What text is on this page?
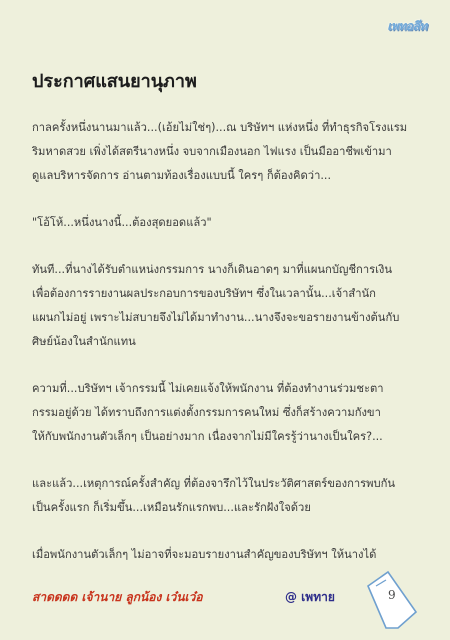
เพทอลีท
ประกาศแสนยานุภาพ

กาลครั้งหนึ่งนานมาแล้ว...(เอ้ยไม่ใช่ๆ)...ณ บริษัทฯ แห่งหนึ่ง ที่ทำธุรกิจโรงแรม
ริมหาดสวย เพิ่งได้สตรีนางหนึ่ง จบจากเมืองนอก ไฟแรง เป็นมืออาชีพเข้ามา
ดูแลบริหารจัดการ อ่านตามท้องเรื่องแบบนี้ ใครๆ ก็ต้องคิดว่า...

"โอ้โห้...หนึ่งนางนี้...ต้องสุดยอดแล้ว"

ทันที...ที่นางได้รับตำแหน่งกรรมการ นางก็เดินอาดๆ มาที่แผนกบัญชีการเงิน
เพื่อต้องการรายงานผลประกอบการของบริษัทฯ ซึ่งในเวลานั้น...เจ้าสำนัก
แผนกไม่อยู่ เพราะไม่สบายจึงไม่ได้มาทำงาน...นางจึงจะขอรายงานข้างต้นกับ
ศิษย์น้องในสำนักแทน

ความที่...บริษัทฯ เจ้ากรรมนี้ ไม่เคยแจ้งให้พนักงาน ที่ต้องทำงานร่วมชะตา
กรรมอยู่ด้วย ได้ทราบถึงการแต่งตั้งกรรมการคนใหม่ ซึ่งก็สร้างความกังขา
ให้กับพนักงานตัวเล็กๆ เป็นอย่างมาก เนื่องจากไม่มีใครรู้ว่านางเป็นใคร?...

และแล้ว...เหตุการณ์ครั้งสำคัญ ที่ต้องจารึกไว้ในประวัติศาสตร์ของการพบกัน
เป็นครั้งแรก ก็เริ่มขึ้น...เหมือนรักแรกพบ...และรักฝังใจด้วย

เมื่อพนักงานตัวเล็กๆ ไม่อาจที่จะมอบรายงานสำคัญของบริษัทฯ ให้นางได้

สาดดดด เจ้านาย ลูกน้อง เว๋นเว๋อ	@ เพทาย	9
